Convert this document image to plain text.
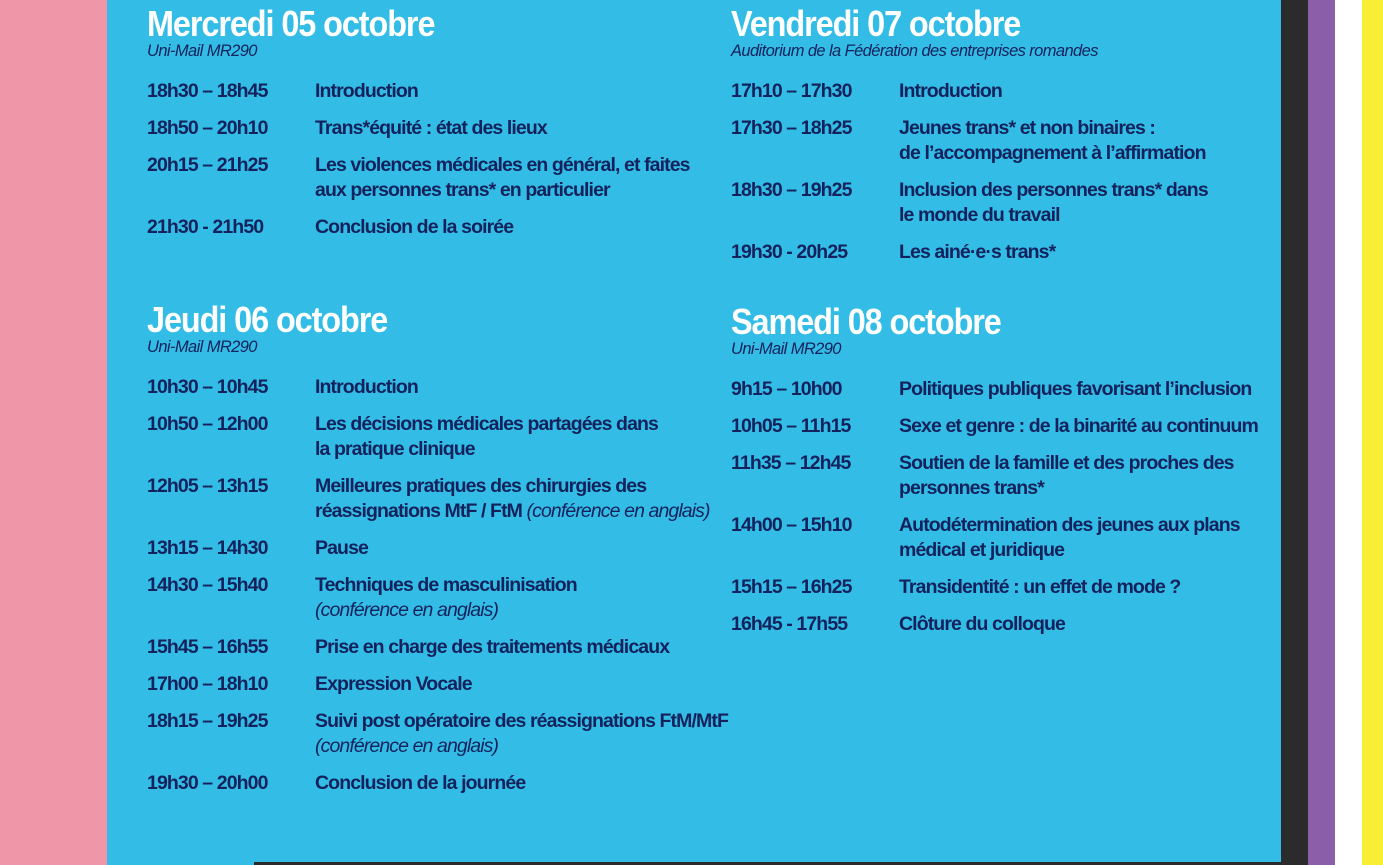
Mercredi 05 octobre
Uni-Mail MR290
18h30 – 18h45	Introduction
18h50 – 20h10	Trans*équité : état des lieux
20h15 – 21h25	Les violences médicales en général, et faites
aux personnes trans* en particulier
21h30 - 21h50	Conclusion de la soirée
Jeudi 06 octobre
Uni-Mail MR290
10h30 – 10h45	Introduction
10h50 – 12h00	Les décisions médicales partagées dans
la pratique clinique
12h05 – 13h15	Meilleures pratiques des chirurgies des
réassignations MtF / FtM (conférence en anglais)
13h15 – 14h30	Pause
14h30 – 15h40	Techniques de masculinisation
(conférence en anglais)
15h45 – 16h55	Prise en charge des traitements médicaux
17h00 – 18h10	Expression Vocale
18h15 – 19h25	Suivi post opératoire des réassignations FtM/MtF
(conférence en anglais)
19h30 – 20h00	Conclusion de la journée
Vendredi 07 octobre
Auditorium de la Fédération des entreprises romandes
17h10 – 17h30	Introduction
17h30 – 18h25	Jeunes trans* et non binaires :
de l’accompagnement à l’affirmation
18h30 – 19h25	Inclusion des personnes trans* dans
le monde du travail
19h30 - 20h25	Les ainé·e·s trans*
Samedi 08 octobre
Uni-Mail MR290
9h15 – 10h00	Politiques publiques favorisant l’inclusion
10h05 – 11h15	Sexe et genre : de la binarité au continuum
11h35 – 12h45	Soutien de la famille et des proches des
personnes trans*
14h00 – 15h10	Autodétermination des jeunes aux plans
médical et juridique
15h15 – 16h25	Transidentité : un effet de mode ?
16h45 - 17h55	Clôture du colloque
